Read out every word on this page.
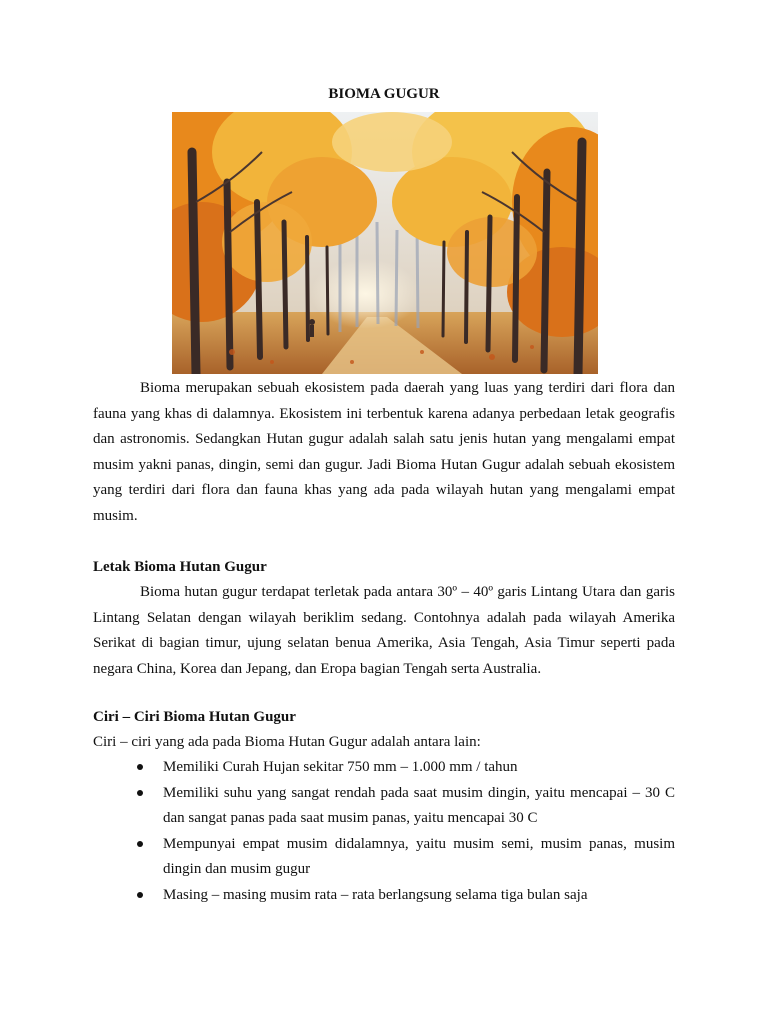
BIOMA GUGUR
Bioma merupakan sebuah ekosistem pada daerah yang luas yang terdiri dari flora dan fauna yang khas di dalamnya. Ekosistem ini terbentuk karena adanya perbedaan letak geografis dan astronomis. Sedangkan Hutan gugur adalah salah satu jenis hutan yang mengalami empat musim yakni panas, dingin, semi dan gugur. Jadi Bioma Hutan Gugur adalah sebuah ekosistem yang terdiri dari flora dan fauna khas yang ada pada wilayah hutan yang mengalami empat musim.
Letak Bioma Hutan Gugur
Bioma hutan gugur terdapat terletak pada antara 30º – 40º garis Lintang Utara dan garis Lintang Selatan dengan wilayah beriklim sedang. Contohnya adalah pada wilayah Amerika Serikat di bagian timur, ujung selatan benua Amerika, Asia Tengah, Asia Timur seperti pada negara China, Korea dan Jepang, dan Eropa bagian Tengah serta Australia.
Ciri – Ciri Bioma Hutan Gugur
Ciri – ciri yang ada pada Bioma Hutan Gugur adalah antara lain:
Memiliki Curah Hujan sekitar 750 mm – 1.000 mm / tahun
Memiliki suhu yang sangat rendah pada saat musim dingin, yaitu mencapai – 30 C dan sangat panas pada saat musim panas, yaitu mencapai 30 C
Mempunyai empat musim didalamnya, yaitu musim semi, musim panas, musim dingin dan musim gugur
Masing – masing musim rata – rata berlangsung selama tiga bulan saja
